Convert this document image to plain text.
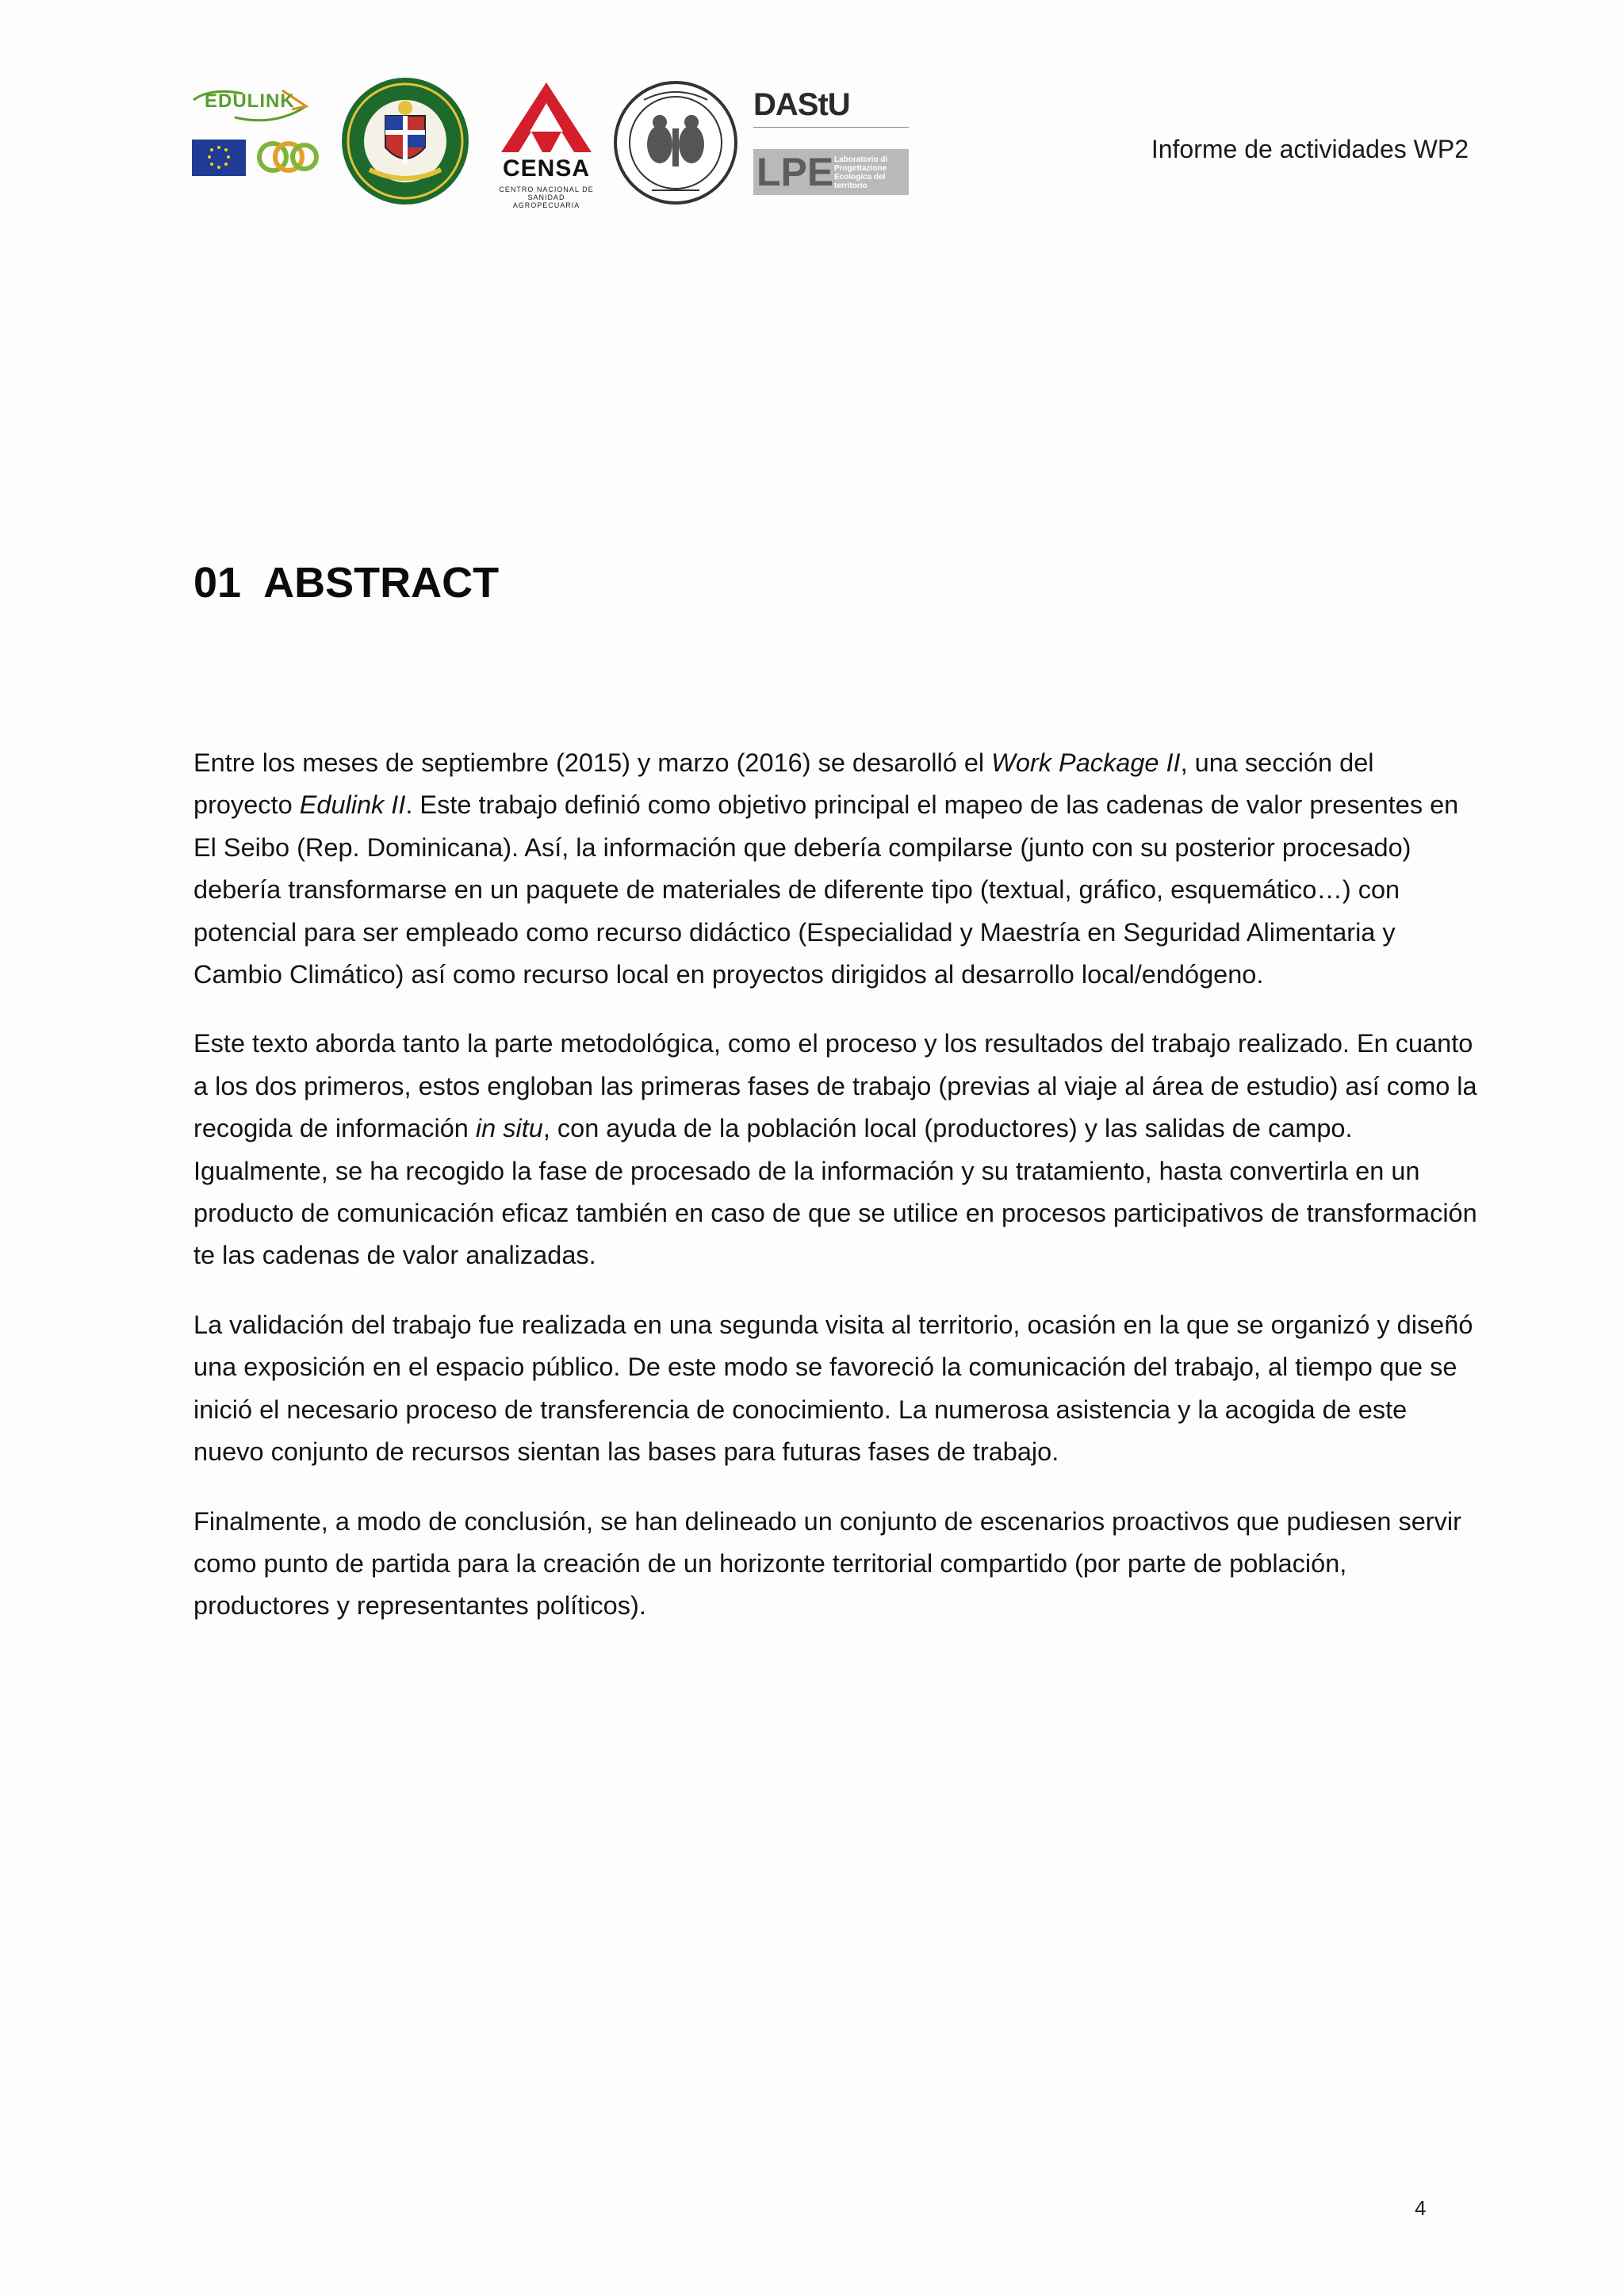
EDULINK
CENSA
CENTRO NACIONAL DE SANIDAD AGROPECUARIA
DAStU
LPE Laboratorio di Progettazione Ecologica del territorio
Informe de actividades WP2
01 ABSTRACT

Entre los meses de septiembre (2015) y marzo (2016) se desarolló el Work Package II, una sección del proyecto Edulink II. Este trabajo definió como objetivo principal el mapeo de las cadenas de valor presentes en El Seibo (Rep. Dominicana). Así, la información que debería compilarse (junto con su posterior procesado) debería transformarse en un paquete de materiales de diferente tipo (textual, gráfico, esquemático…) con potencial para ser empleado como recurso didáctico (Especialidad y Maestría en Seguridad Alimentaria y Cambio Climático) así como recurso local en proyectos dirigidos al desarrollo local/endógeno.

Este texto aborda tanto la parte metodológica, como el proceso y los resultados del trabajo realizado. En cuanto a los dos primeros, estos engloban las primeras fases de trabajo (previas al viaje al área de estudio) así como la recogida de información in situ, con ayuda de la población local (productores) y las salidas de campo. Igualmente, se ha recogido la fase de procesado de la información y su tratamiento, hasta convertirla en un producto de comunicación eficaz también en caso de que se utilice en procesos participativos de transformación te las cadenas de valor analizadas.

La validación del trabajo fue realizada en una segunda visita al territorio, ocasión en la que se organizó y diseñó una exposición en el espacio público. De este modo se favoreció la comunicación del trabajo, al tiempo que se inició el necesario proceso de transferencia de conocimiento. La numerosa asistencia y la acogida de este nuevo conjunto de recursos sientan las bases para futuras fases de trabajo.

Finalmente, a modo de conclusión, se han delineado un conjunto de escenarios proactivos que pudiesen servir como punto de partida para la creación de un horizonte territorial compartido (por parte de población, productores y representantes políticos).

4
